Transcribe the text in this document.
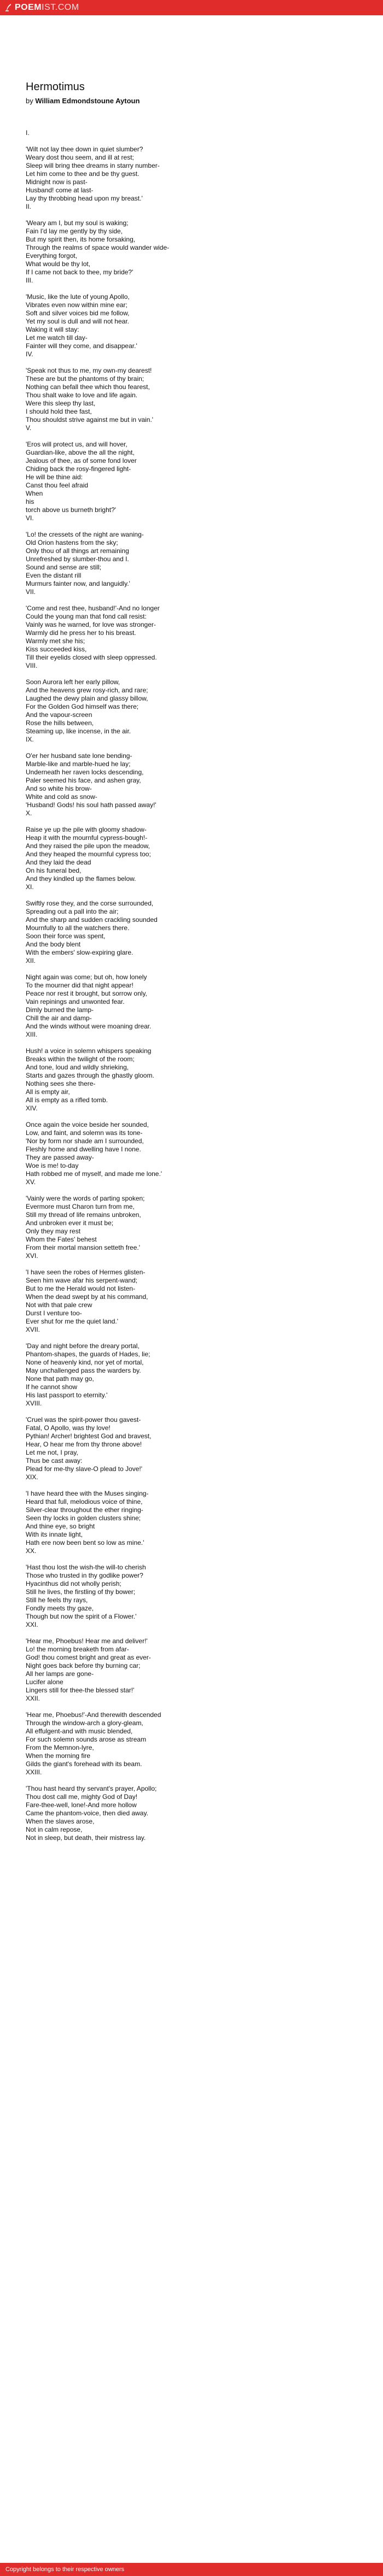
POEM IST.COM
Hermotimus
by William Edmondstoune Aytoun
I.
'Wilt not lay thee down in quiet slumber?
Weary dost thou seem, and ill at rest;
Sleep will bring thee dreams in starry number-
Let him come to thee and be thy guest.
Midnight now is past-
Husband! come at last-
Lay thy throbbing head upon my breast.'
II.
'Weary am I, but my soul is waking;
Fain I'd lay me gently by thy side,
But my spirit then, its home forsaking,
Through the realms of space would wander wide-
Everything forgot,
What would be thy lot,
If I came not back to thee, my bride?'
III.
'Music, like the lute of young Apollo,
Vibrates even now within mine ear;
Soft and silver voices bid me follow,
Yet my soul is dull and will not hear.
Waking it will stay:
Let me watch till day-
Fainter will they come, and disappear.'
IV.
'Speak not thus to me, my own-my dearest!
These are but the phantoms of thy brain;
Nothing can befall thee which thou fearest,
Thou shalt wake to love and life again.
Were this sleep thy last,
I should hold thee fast,
Thou shouldst strive against me but in vain.'
V.
'Eros will protect us, and will hover,
Guardian-like, above the all the night,
Jealous of thee, as of some fond lover
Chiding back the rosy-fingered light-
He will be thine aid:
Canst thou feel afraid
When
his
torch above us burneth bright?'
VI.
'Lo! the cressets of the night are waning-
Old Orion hastens from the sky;
Only thou of all things art remaining
Unrefreshed by slumber-thou and I.
Sound and sense are still;
Even the distant rill
Murmurs fainter now, and languidly.'
VII.
'Come and rest thee, husband!'-And no longer
Could the young man that fond call resist:
Vainly was he warned, for love was stronger-
Warmly did he press her to his breast.
Warmly met she his;
Kiss succeeded kiss,
Till their eyelids closed with sleep oppressed.
VIII.
Soon Aurora left her early pillow,
And the heavens grew rosy-rich, and rare;
Laughed the dewy plain and glassy billow,
For the Golden God himself was there;
And the vapour-screen
Rose the hills between,
Steaming up, like incense, in the air.
IX.
O'er her husband sate lone bending-
Marble-like and marble-hued he lay;
Underneath her raven locks descending,
Paler seemed his face, and ashen gray,
And so white his brow-
White and cold as snow-
'Husband! Gods! his soul hath passed away!'
X.
Raise ye up the pile with gloomy shadow-
Heap it with the mournful cypress-bough!-
And they raised the pile upon the meadow,
And they heaped the mournful cypress too;
And they laid the dead
On his funeral bed,
And they kindled up the flames below.
XI.
Swiftly rose they, and the corse surrounded,
Spreading out a pall into the air;
And the sharp and sudden crackling sounded
Mournfully to all the watchers there.
Soon their force was spent,
And the body blent
With the embers' slow-expiring glare.
XII.
Night again was come; but oh, how lonely
To the mourner did that night appear!
Peace nor rest it brought, but sorrow only,
Vain repinings and unwonted fear.
Dimly burned the lamp-
Chill the air and damp-
And the winds without were moaning drear.
XIII.
Hush! a voice in solemn whispers speaking
Breaks within the twilight of the room;
And tone, loud and wildly shrieking,
Starts and gazes through the ghastly gloom.
Nothing sees she there-
All is empty air,
All is empty as a rifled tomb.
XIV.
Once again the voice beside her sounded,
Low, and faint, and solemn was its tone-
'Nor by form nor shade am I surrounded,
Fleshly home and dwelling have I none.
They are passed away-
Woe is me! to-day
Hath robbed me of myself, and made me lone.'
XV.
'Vainly were the words of parting spoken;
Evermore must Charon turn from me,
Still my thread of life remains unbroken,
And unbroken ever it must be;
Only they may rest
Whom the Fates' behest
From their mortal mansion setteth free.'
XVI.
'I have seen the robes of Hermes glisten-
Seen him wave afar his serpent-wand;
But to me the Herald would not listen-
When the dead swept by at his command,
Not with that pale crew
Durst I venture too-
Ever shut for me the quiet land.'
XVII.
'Day and night before the dreary portal,
Phantom-shapes, the guards of Hades, lie;
None of heavenly kind, nor yet of mortal,
May unchallenged pass the warders by.
None that path may go,
If he cannot show
His last passport to eternity.'
XVIII.
'Cruel was the spirit-power thou gavest-
Fatal, O Apollo, was thy love!
Pythian! Archer! brightest God and bravest,
Hear, O hear me from thy throne above!
Let me not, I pray,
Thus be cast away:
Plead for me-thy slave-O plead to Jove!'
XIX.
'I have heard thee with the Muses singing-
Heard that full, melodious voice of thine,
Silver-clear throughout the ether ringing-
Seen thy locks in golden clusters shine;
And thine eye, so bright
With its innate light,
Hath ere now been bent so low as mine.'
XX.
'Hast thou lost the wish-the will-to cherish
Those who trusted in thy godlike power?
Hyacinthus did not wholly perish;
Still he lives, the firstling of thy bower;
Still he feels thy rays,
Fondly meets thy gaze,
Though but now the spirit of a Flower.'
XXI.
'Hear me, Phoebus! Hear me and deliver!'
Lo! the morning breaketh from afar-
God! thou comest bright and great as ever-
Night goes back before thy burning car;
All her lamps are gone-
Lucifer alone
Lingers still for thee-the blessed star!'
XXII.
'Hear me, Phoebus!'-And therewith descended
Through the window-arch a glory-gleam,
All effulgent-and with music blended,
For such solemn sounds arose as stream
From the Memnon-lyre,
When the morning fire
Gilds the giant's forehead with its beam.
XXIII.
'Thou hast heard thy servant's prayer, Apollo;
Thou dost call me, mighty God of Day!
Fare-thee-well, lone!-And more hollow
Came the phantom-voice, then died away.
When the slaves arose,
Not in calm repose,
Not in sleep, but death, their mistress lay.
Copyright belongs to their respective owners
